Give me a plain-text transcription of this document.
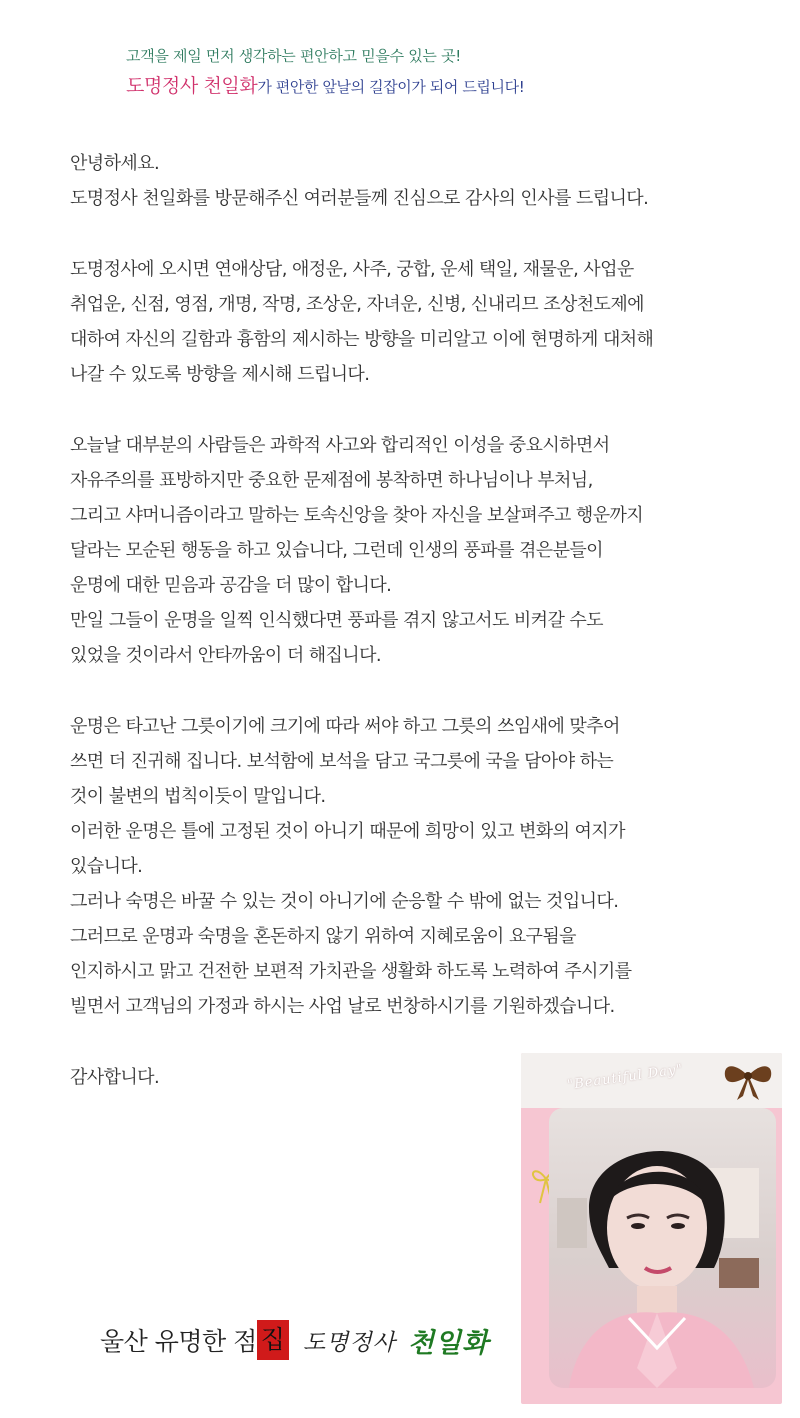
고객을 제일 먼저 생각하는 편안하고 믿을수 있는 곳!
도명정사 천일화가 편안한 앞날의 길잡이가 되어 드립니다!
안녕하세요.
도명정사 천일화를 방문해주신 여러분들께 진심으로 감사의 인사를 드립니다.
도명정사에 오시면 연애상담, 애정운, 사주, 궁합, 운세 택일, 재물운, 사업운
취업운, 신점, 영점, 개명, 작명, 조상운, 자녀운, 신병, 신내리므 조상천도제에
대하여 자신의 길함과 흉함의 제시하는 방향을 미리알고 이에 현명하게 대처해
나갈 수 있도록 방향을 제시해 드립니다.
오늘날 대부분의 사람들은 과학적 사고와 합리적인 이성을 중요시하면서
자유주의를 표방하지만 중요한 문제점에 봉착하면 하나님이나 부처님,
그리고 샤머니즘이라고 말하는 토속신앙을 찾아 자신을 보살펴주고 행운까지
달라는 모순된 행동을 하고 있습니다, 그런데 인생의 풍파를 겪은분들이
운명에 대한 믿음과 공감을 더 많이 합니다.
만일 그들이 운명을 일찍 인식했다면 풍파를 겪지 않고서도 비켜갈 수도
있었을 것이라서 안타까움이 더 해집니다.
운명은 타고난 그릇이기에 크기에 따라 써야 하고 그릇의 쓰임새에 맞추어
쓰면 더 진귀해 집니다. 보석함에 보석을 담고 국그릇에 국을 담아야 하는
것이 불변의 법칙이듯이 말입니다.
이러한 운명은 틀에 고정된 것이 아니기 때문에 희망이 있고 변화의 여지가
있습니다.
그러나 숙명은 바꿀 수 있는 것이 아니기에 순응할 수 밖에 없는 것입니다.
그러므로 운명과 숙명을 혼돈하지 않기 위하여 지혜로움이 요구됨을
인지하시고 맑고 건전한 보편적 가치관을 생활화 하도록 노력하여 주시기를
빌면서 고객님의 가정과 하시는 사업 날로 번창하시기를 기원하겠습니다.
감사합니다.	"Beautiful Day"
울산 유명한 점 집 도명정사 천일화
